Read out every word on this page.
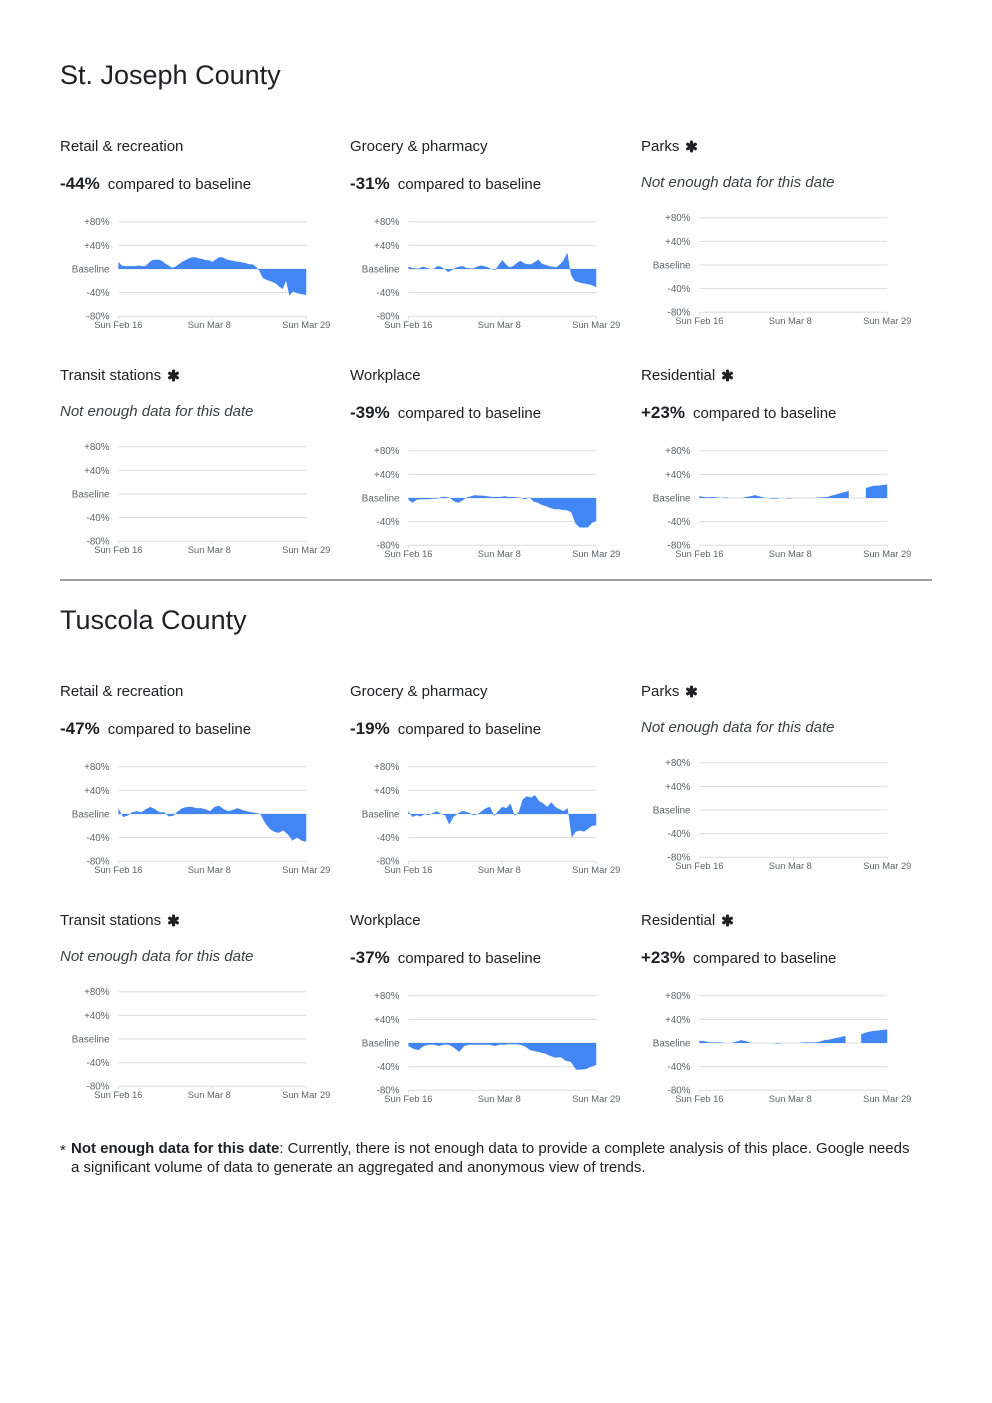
St. Joseph County
Retail & recreation
-44% compared to baseline
+80%
+40%
Baseline
-40%
-80%
Sun Feb 16	Sun Mar 8	Sun Mar 29
Grocery & pharmacy
-31% compared to baseline
+80%
+40%
Baseline
-40%
-80%
Sun Feb 16	Sun Mar 8	Sun Mar 29
Parks
Not enough data for this date
+80%
+40%
Baseline
-40%
-80%
Sun Feb 16	Sun Mar 8	Sun Mar 29
Transit stations
Not enough data for this date
+80%
+40%
Baseline
-40%
-80%
Sun Feb 16	Sun Mar 8	Sun Mar 29
Workplace
-39% compared to baseline
+80%
+40%
Baseline
-40%
-80%
Sun Feb 16	Sun Mar 8	Sun Mar 29
Residential
+23% compared to baseline
+80%
+40%
Baseline
-40%
-80%
Sun Feb 16	Sun Mar 8	Sun Mar 29
Tuscola County
Retail & recreation
-47% compared to baseline
+80%
+40%
Baseline
-40%
-80%
Sun Feb 16	Sun Mar 8	Sun Mar 29
Grocery & pharmacy
-19% compared to baseline
+80%
+40%
Baseline
-40%
-80%
Sun Feb 16	Sun Mar 8	Sun Mar 29
Parks
Not enough data for this date
+80%
+40%
Baseline
-40%
-80%
Sun Feb 16	Sun Mar 8	Sun Mar 29
Transit stations
Not enough data for this date
+80%
+40%
Baseline
-40%
-80%
Sun Feb 16	Sun Mar 8	Sun Mar 29
Workplace
-37% compared to baseline
+80%
+40%
Baseline
-40%
-80%
Sun Feb 16	Sun Mar 8	Sun Mar 29
Residential
+23% compared to baseline
+80%
+40%
Baseline
-40%
-80%
Sun Feb 16	Sun Mar 8	Sun Mar 29
* Not enough data for this date: Currently, there is not enough data to provide a complete analysis of this place. Google needs a significant volume of data to generate an aggregated and anonymous view of trends.
